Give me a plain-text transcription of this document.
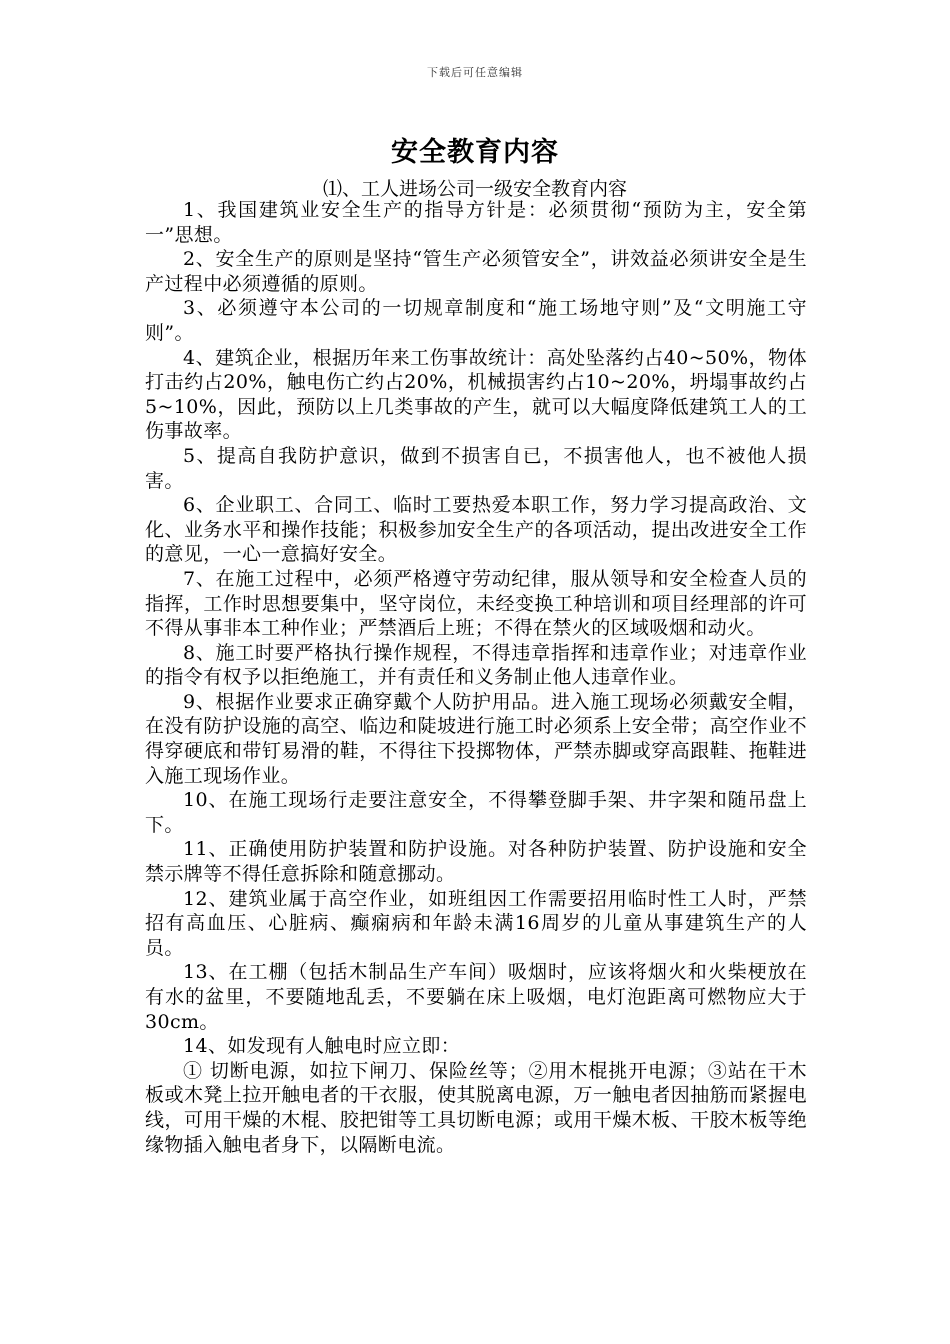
下载后可任意编辑
安全教育内容
⑴、工人进场公司一级安全教育内容

1、我国建筑业安全生产的指导方针是：必须贯彻“预防为主，安全第一”思想。

2、安全生产的原则是坚持“管生产必须管安全”，讲效益必须讲安全是生产过程中必须遵循的原则。

3、必须遵守本公司的一切规章制度和“施工场地守则”及“文明施工守则”。

4、建筑企业，根据历年来工伤事故统计：高处坠落约占40~50%，物体打击约占20%，触电伤亡约占20%，机械损害约占10~20%，坍塌事故约占5~10%，因此，预防以上几类事故的产生，就可以大幅度降低建筑工人的工伤事故率。

5、提高自我防护意识，做到不损害自已，不损害他人，也不被他人损害。

6、企业职工、合同工、临时工要热爱本职工作，努力学习提高政治、文化、业务水平和操作技能；积极参加安全生产的各项活动，提出改进安全工作的意见，一心一意搞好安全。

7、在施工过程中，必须严格遵守劳动纪律，服从领导和安全检查人员的指挥，工作时思想要集中，坚守岗位，未经变换工种培训和项目经理部的许可不得从事非本工种作业；严禁酒后上班；不得在禁火的区域吸烟和动火。

8、施工时要严格执行操作规程，不得违章指挥和违章作业；对违章作业的指令有权予以拒绝施工，并有责任和义务制止他人违章作业。

9、根据作业要求正确穿戴个人防护用品。进入施工现场必须戴安全帽，在没有防护设施的高空、临边和陡坡进行施工时必须系上安全带；高空作业不得穿硬底和带钉易滑的鞋，不得往下投掷物体，严禁赤脚或穿高跟鞋、拖鞋进入施工现场作业。

10、在施工现场行走要注意安全，不得攀登脚手架、井字架和随吊盘上下。

11、正确使用防护装置和防护设施。对各种防护装置、防护设施和安全禁示牌等不得任意拆除和随意挪动。

12、建筑业属于高空作业，如班组因工作需要招用临时性工人时，严禁招有高血压、心脏病、癫痫病和年龄未满16周岁的儿童从事建筑生产的人员。

13、在工棚（包括木制品生产车间）吸烟时，应该将烟火和火柴梗放在有水的盆里，不要随地乱丢，不要躺在床上吸烟，电灯泡距离可燃物应大于30cm。

14、如发现有人触电时应立即：

① 切断电源，如拉下闸刀、保险丝等；②用木棍挑开电源；③站在干木板或木凳上拉开触电者的干衣服，使其脱离电源，万一触电者因抽筋而紧握电线，可用干燥的木棍、胶把钳等工具切断电源；或用干燥木板、干胶木板等绝缘物插入触电者身下，以隔断电流。
